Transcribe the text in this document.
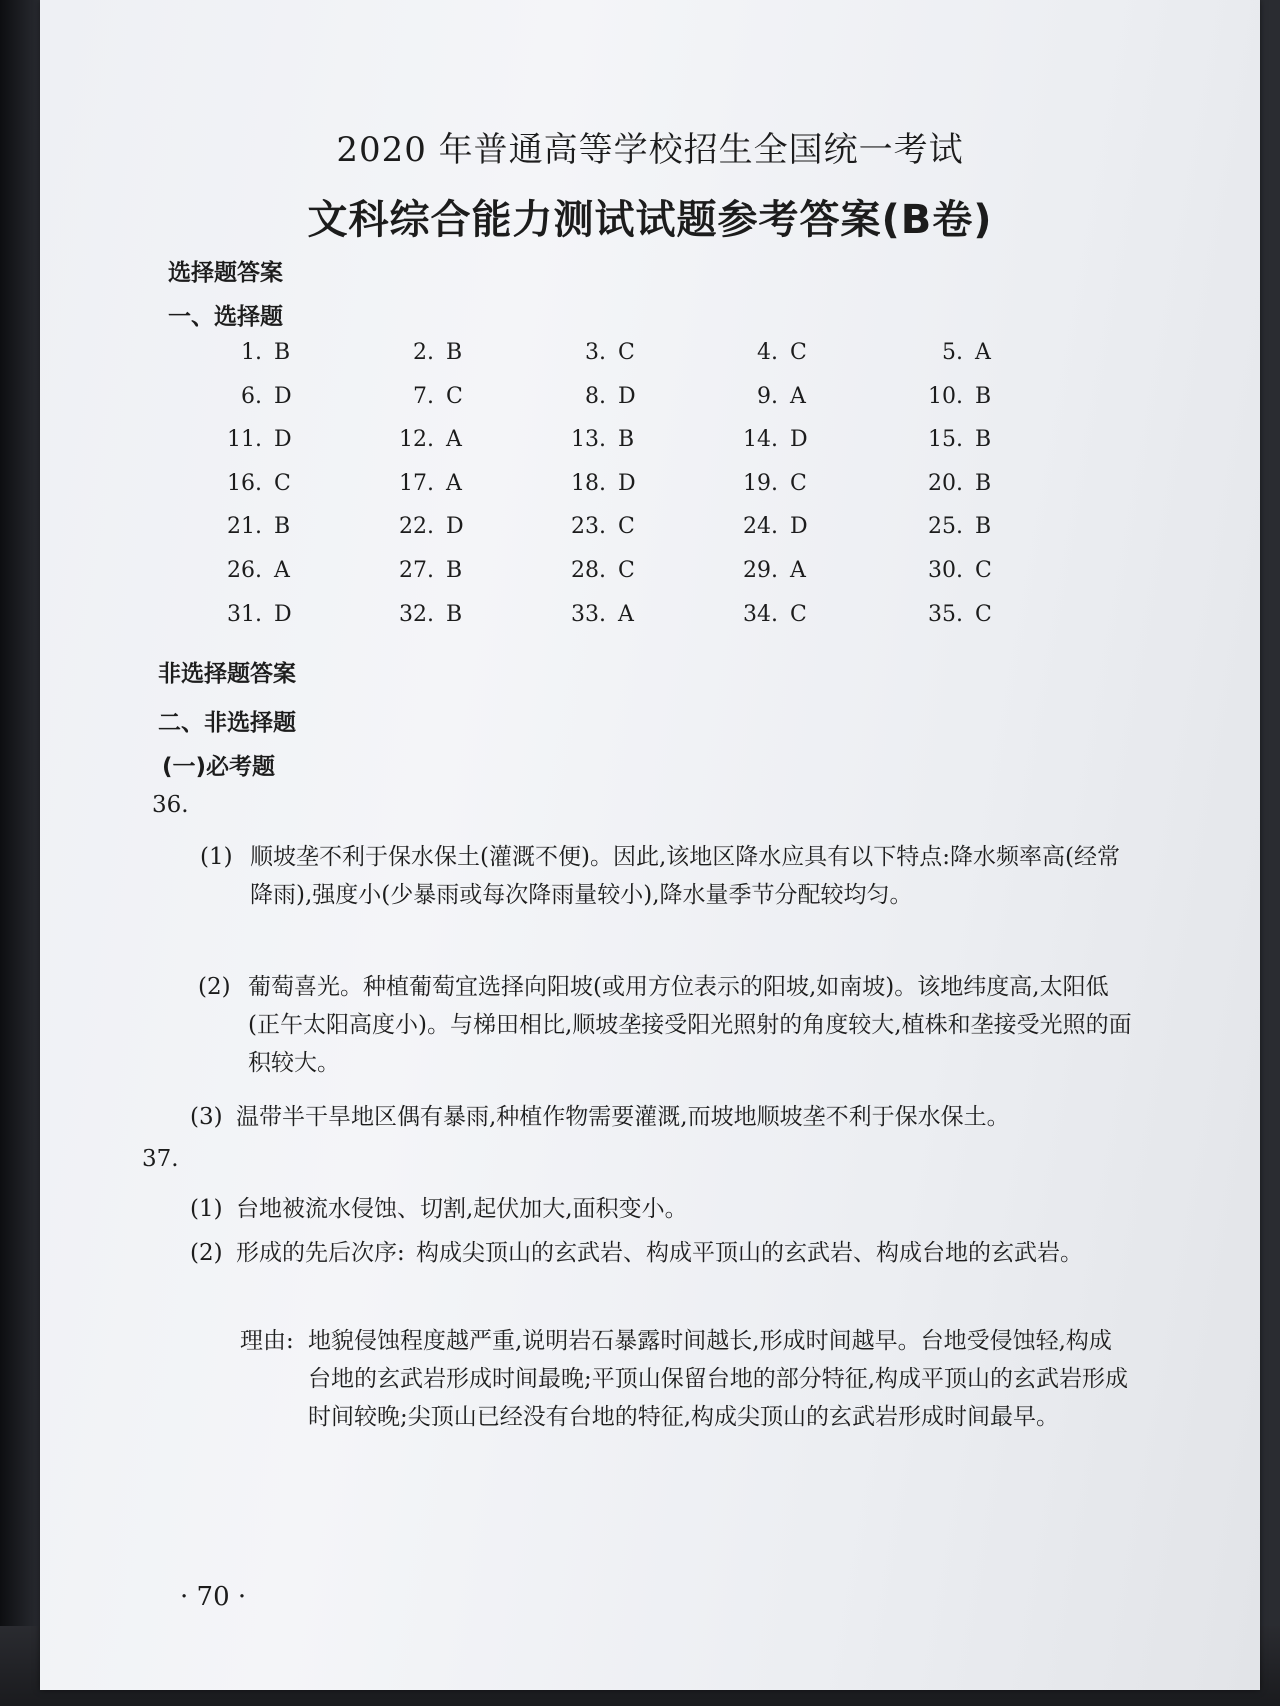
2020 年普通高等学校招生全国统一考试
文科综合能力测试试题参考答案(B卷)
选择题答案
一、选择题
1. B	2. B	3. C	4. C	5. A
6. D	7. C	8. D	9. A	10. B
11. D	12. A	13. B	14. D	15. B
16. C	17. A	18. D	19. C	20. B
21. B	22. D	23. C	24. D	25. B
26. A	27. B	28. C	29. A	30. C
31. D	32. B	33. A	34. C	35. C
非选择题答案
二、非选择题
(一)必考题
36.
(1) 顺坡垄不利于保水保土(灌溉不便)。因此,该地区降水应具有以下特点:降水频率高(经常降雨),强度小(少暴雨或每次降雨量较小),降水量季节分配较均匀。
(2) 葡萄喜光。种植葡萄宜选择向阳坡(或用方位表示的阳坡,如南坡)。该地纬度高,太阳低(正午太阳高度小)。与梯田相比,顺坡垄接受阳光照射的角度较大,植株和垄接受光照的面积较大。
(3) 温带半干旱地区偶有暴雨,种植作物需要灌溉,而坡地顺坡垄不利于保水保土。
37.
(1) 台地被流水侵蚀、切割,起伏加大,面积变小。
(2) 形成的先后次序: 构成尖顶山的玄武岩、构成平顶山的玄武岩、构成台地的玄武岩。
理由: 地貌侵蚀程度越严重,说明岩石暴露时间越长,形成时间越早。台地受侵蚀轻,构成台地的玄武岩形成时间最晚;平顶山保留台地的部分特征,构成平顶山的玄武岩形成时间较晚;尖顶山已经没有台地的特征,构成尖顶山的玄武岩形成时间最早。
· 70 ·
